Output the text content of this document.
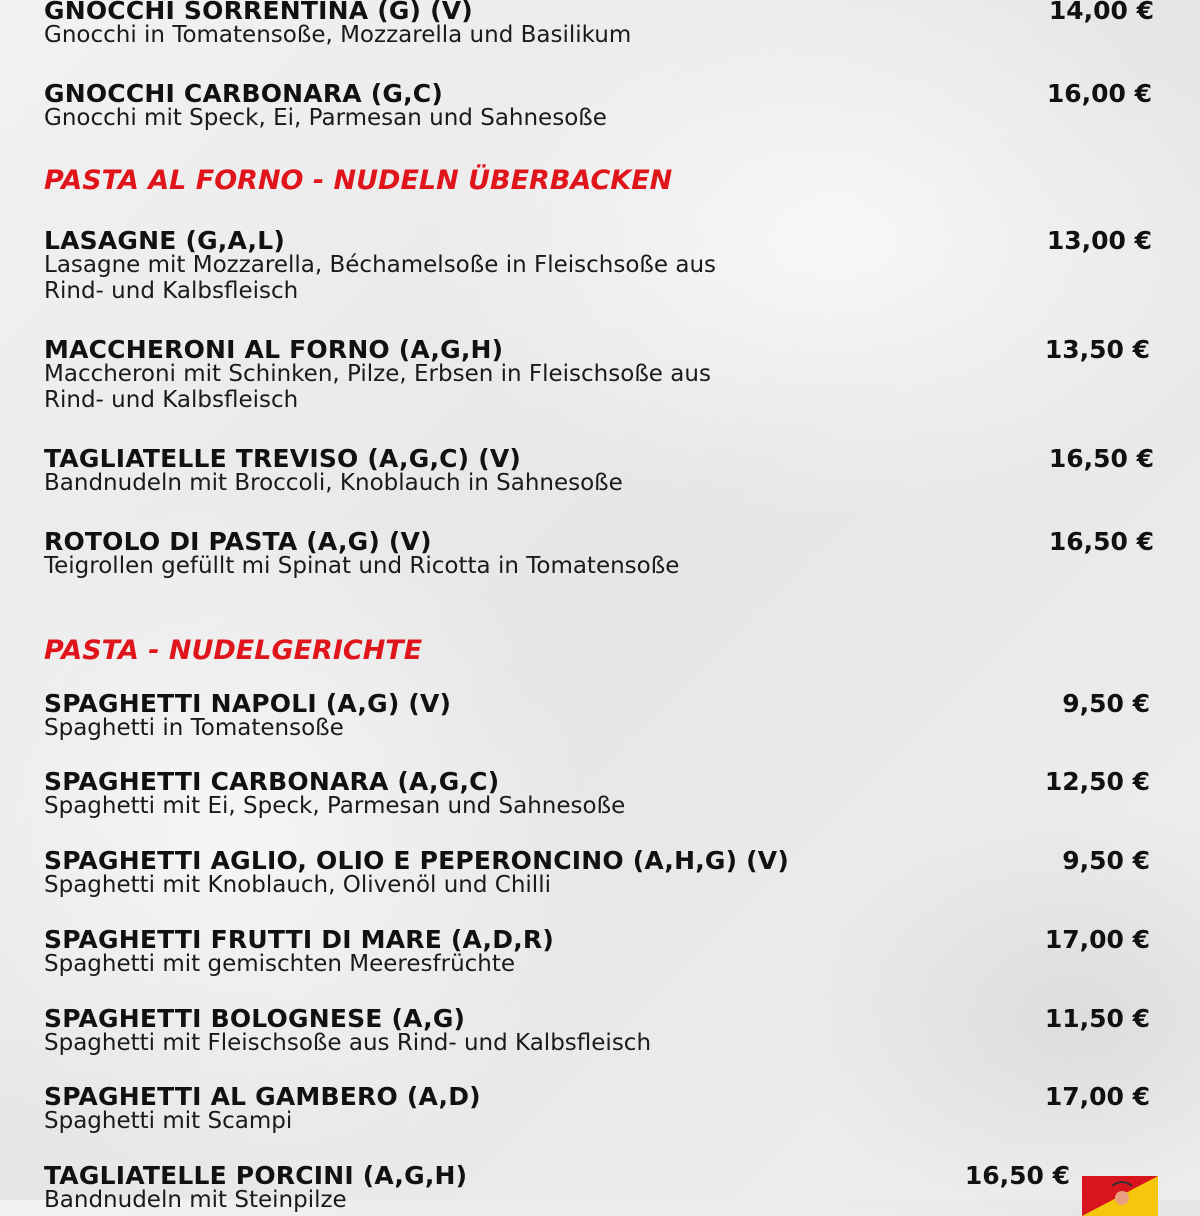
GNOCCHI SORRENTINA (G) (V)	14,00 €
Gnocchi in Tomatensoße, Mozzarella und Basilikum
GNOCCHI CARBONARA (G,C)	16,00 €
Gnocchi mit Speck, Ei, Parmesan und Sahnesoße
PASTA AL FORNO - NUDELN ÜBERBACKEN
LASAGNE (G,A,L)	13,00 €
Lasagne mit Mozzarella, Béchamelsoße in Fleischsoße aus Rind- und Kalbsfleisch
MACCHERONI AL FORNO (A,G,H)	13,50 €
Maccheroni mit Schinken, Pilze, Erbsen in Fleischsoße aus Rind- und Kalbsfleisch
TAGLIATELLE TREVISO (A,G,C) (V)	16,50 €
Bandnudeln mit Broccoli, Knoblauch in Sahnesoße
ROTOLO DI PASTA (A,G) (V)	16,50 €
Teigrollen gefüllt mi Spinat und Ricotta in Tomatensoße
PASTA - NUDELGERICHTE
SPAGHETTI NAPOLI (A,G) (V)	9,50 €
Spaghetti in Tomatensoße
SPAGHETTI CARBONARA (A,G,C)	12,50 €
Spaghetti mit Ei, Speck, Parmesan und Sahnesoße
SPAGHETTI AGLIO, OLIO E PEPERONCINO (A,H,G) (V)	9,50 €
Spaghetti mit Knoblauch, Olivenöl und Chilli
SPAGHETTI FRUTTI DI MARE (A,D,R)	17,00 €
Spaghetti mit gemischten Meeresfrüchte
SPAGHETTI BOLOGNESE (A,G)	11,50 €
Spaghetti mit Fleischsoße aus Rind- und Kalbsfleisch
SPAGHETTI AL GAMBERO (A,D)	17,00 €
Spaghetti mit Scampi
TAGLIATELLE PORCINI (A,G,H)	16,50 €
Bandnudeln mit Steinpilze
